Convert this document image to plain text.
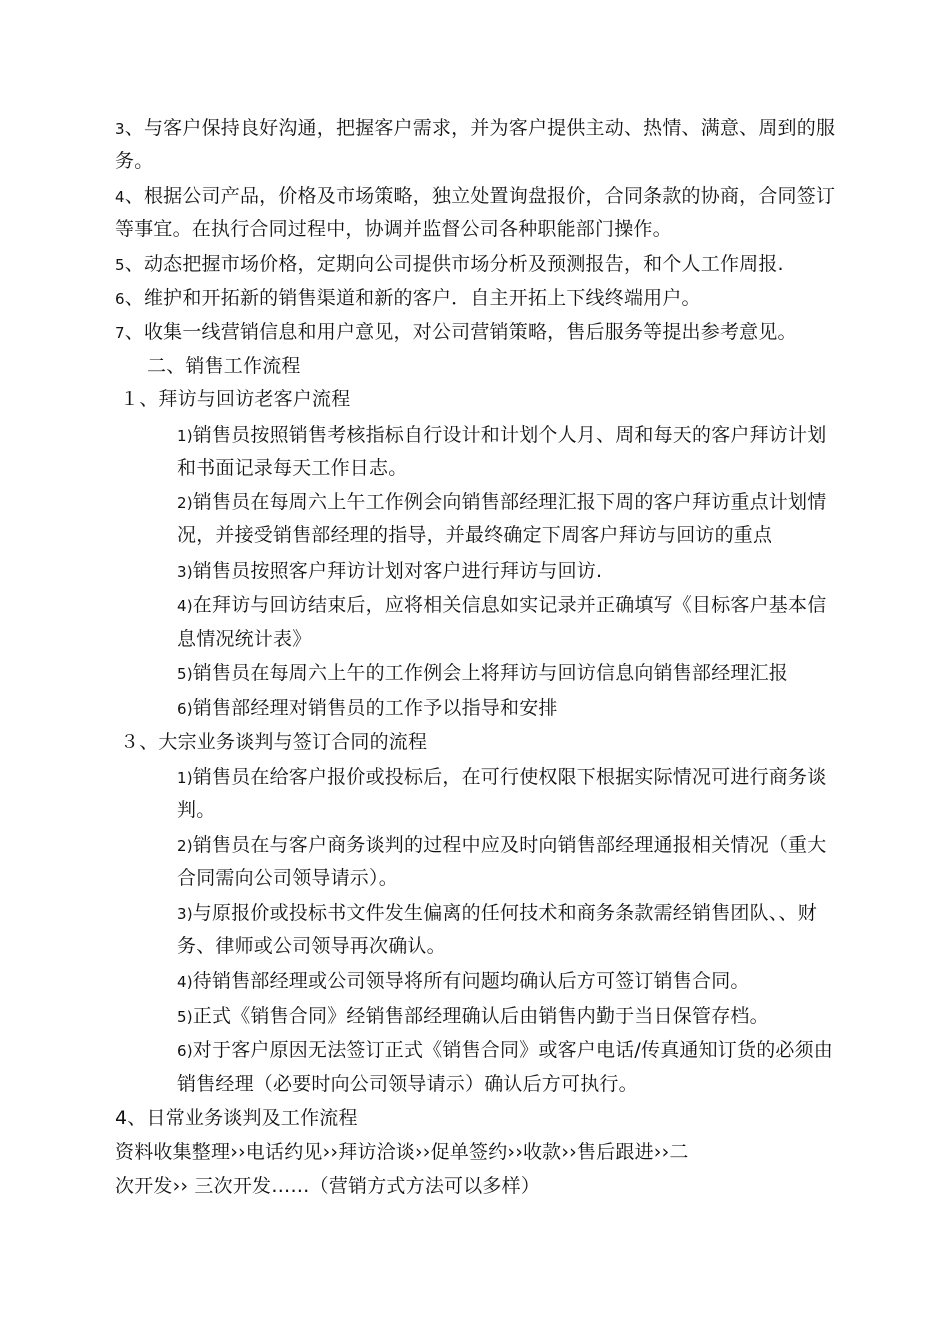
3、与客户保持良好沟通，把握客户需求，并为客户提供主动、热情、满意、周到的服
务。
4、根据公司产品，价格及市场策略，独立处置询盘报价，合同条款的协商，合同签订
等事宜。在执行合同过程中，协调并监督公司各种职能部门操作。
5、动态把握市场价格，定期向公司提供市场分析及预测报告，和个人工作周报.
6、维护和开拓新的销售渠道和新的客户．自主开拓上下线终端用户。
7、收集一线营销信息和用户意见，对公司营销策略，售后服务等提出参考意见。
二、销售工作流程
１、拜访与回访老客户流程
1)销售员按照销售考核指标自行设计和计划个人月、周和每天的客户拜访计划
和书面记录每天工作日志。
2)销售员在每周六上午工作例会向销售部经理汇报下周的客户拜访重点计划情
况，并接受销售部经理的指导，并最终确定下周客户拜访与回访的重点
3)销售员按照客户拜访计划对客户进行拜访与回访.
4)在拜访与回访结束后，应将相关信息如实记录并正确填写《目标客户基本信
息情况统计表》
5)销售员在每周六上午的工作例会上将拜访与回访信息向销售部经理汇报
6)销售部经理对销售员的工作予以指导和安排
３、大宗业务谈判与签订合同的流程
1)销售员在给客户报价或投标后，在可行使权限下根据实际情况可进行商务谈
判。
2)销售员在与客户商务谈判的过程中应及时向销售部经理通报相关情况（重大
合同需向公司领导请示）。
3)与原报价或投标书文件发生偏离的任何技术和商务条款需经销售团队、、财
务、律师或公司领导再次确认。
4)待销售部经理或公司领导将所有问题均确认后方可签订销售合同。
5)正式《销售合同》经销售部经理确认后由销售内勤于当日保管存档。
6)对于客户原因无法签订正式《销售合同》或客户电话/传真通知订货的必须由
销售经理（必要时向公司领导请示）确认后方可执行。
4、日常业务谈判及工作流程
资料收集整理››电话约见››拜访洽谈››促单签约››收款››售后跟进››二
次开发›› 三次开发……（营销方式方法可以多样）
